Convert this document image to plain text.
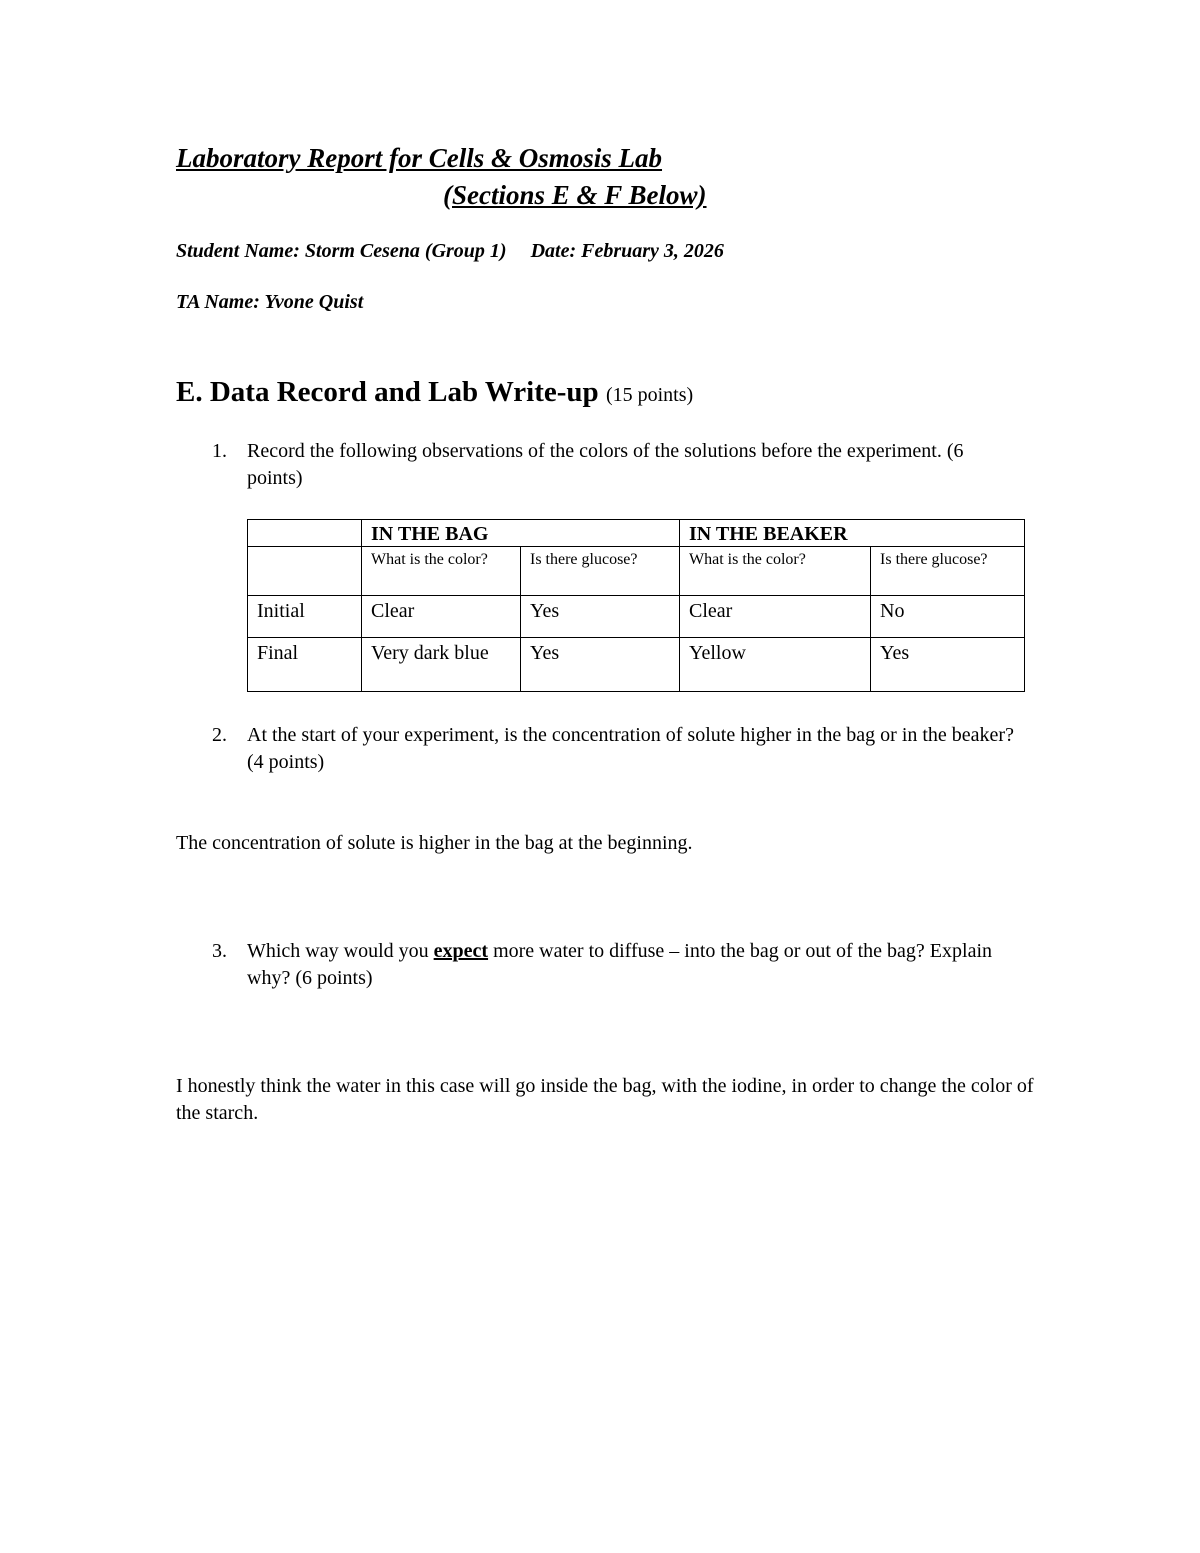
Laboratory Report for Cells & Osmosis Lab
(Sections E & F Below)
Student Name: Storm Cesena (Group 1) Date: February 3, 2026
TA Name: Yvone Quist
E. Data Record and Lab Write-up (15 points)
1. Record the following observations of the colors of the solutions before the experiment. (6 points)
	IN THE BAG		IN THE BEAKER	
	What is the color?	Is there glucose?	What is the color?	Is there glucose?
Initial	Clear	Yes	Clear	No
Final	Very dark blue	Yes	Yellow	Yes
2. At the start of your experiment, is the concentration of solute higher in the bag or in the beaker? (4 points)
The concentration of solute is higher in the bag at the beginning.
3. Which way would you expect more water to diffuse – into the bag or out of the bag? Explain why? (6 points)
I honestly think the water in this case will go inside the bag, with the iodine, in order to change the color of the starch.
